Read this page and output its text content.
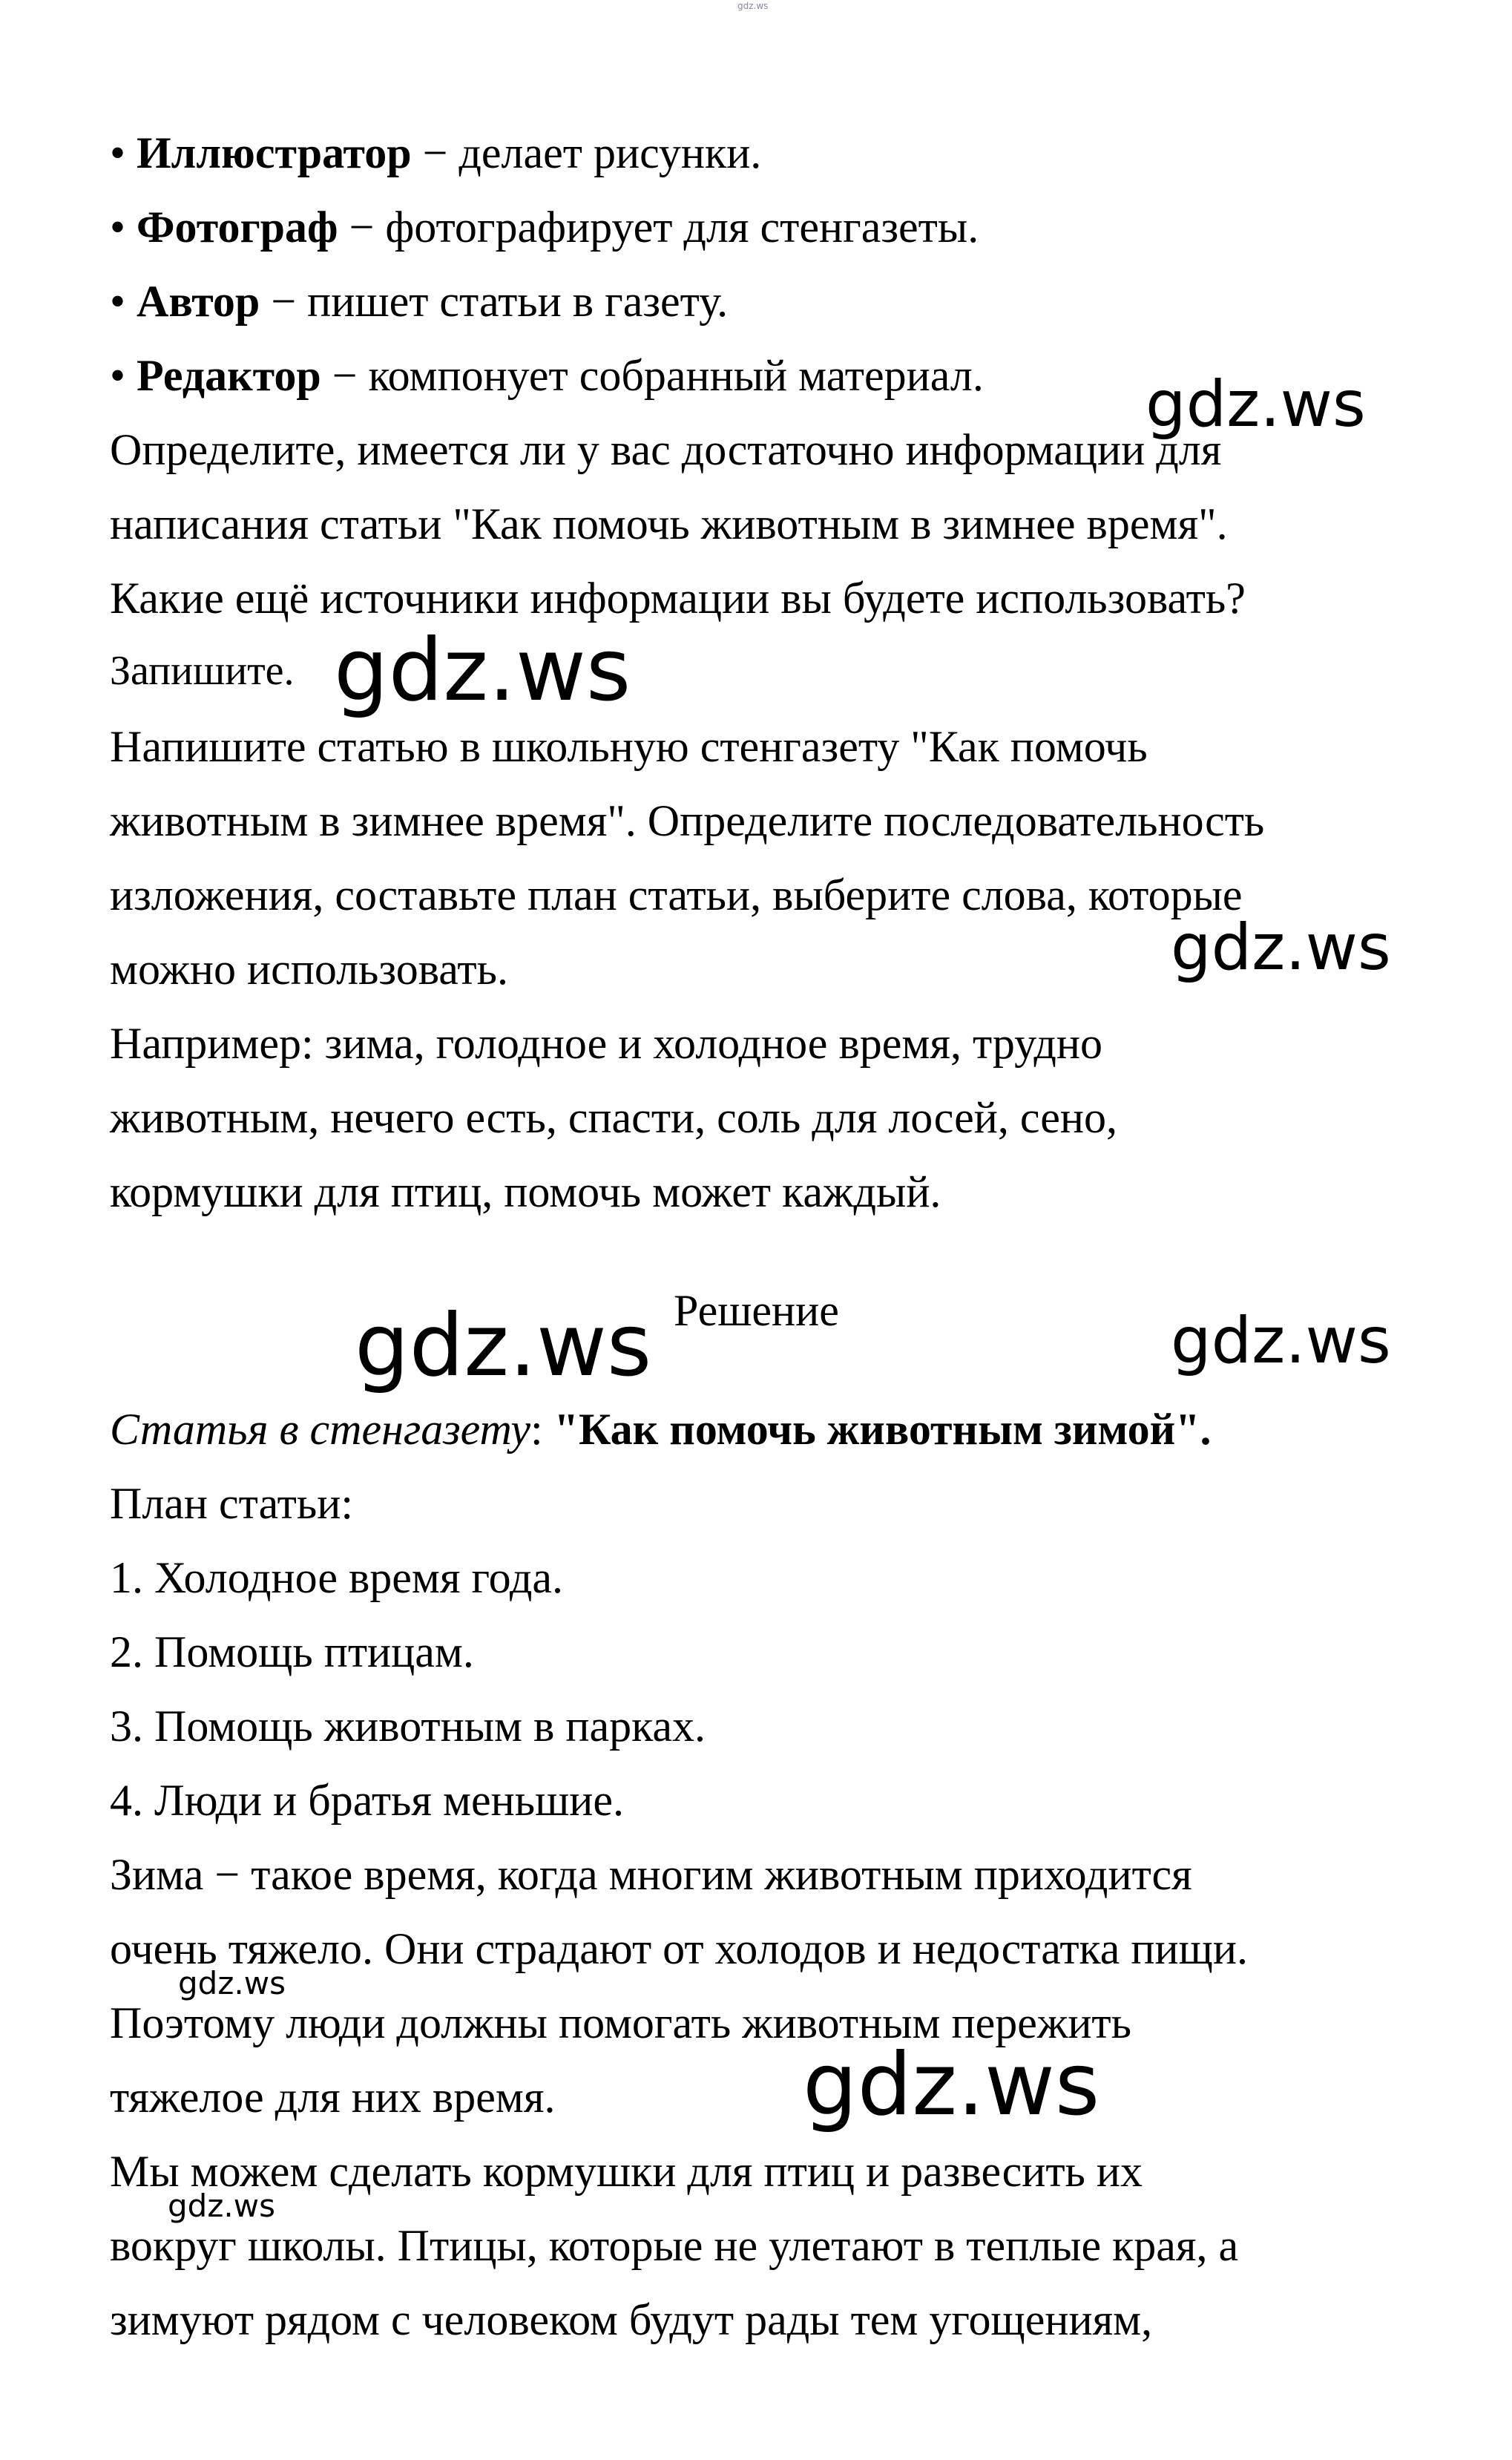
gdz.ws
• Иллюстратор − делает рисунки.
• Фотограф − фотографирует для стенгазеты.
• Автор − пишет статьи в газету.
• Редактор − компонует собранный материал.
Определите, имеется ли у вас достаточно информации для
написания статьи "Как помочь животным в зимнее время".
Какие ещё источники информации вы будете использовать?
Запишите.
Напишите статью в школьную стенгазету "Как помочь
животным в зимнее время". Определите последовательность
изложения, составьте план статьи, выберите слова, которые
можно использовать.
Например: зима, голодное и холодное время, трудно
животным, нечего есть, спасти, соль для лосей, сено,
кормушки для птиц, помочь может каждый.
Решение
Статья в стенгазету: "Как помочь животным зимой".
План статьи:
1. Холодное время года.
2. Помощь птицам.
3. Помощь животным в парках.
4. Люди и братья меньшие.
Зима − такое время, когда многим животным приходится
очень тяжело. Они страдают от холодов и недостатка пищи.
Поэтому люди должны помогать животным пережить
тяжелое для них время.
Мы можем сделать кормушки для птиц и развесить их
вокруг школы. Птицы, которые не улетают в теплые края, а
зимуют рядом с человеком будут рады тем угощениям,
gdz.ws
gdz.ws
gdz.ws
gdz.ws	gdz.ws
gdz.ws
gdz.ws
gdz.ws
